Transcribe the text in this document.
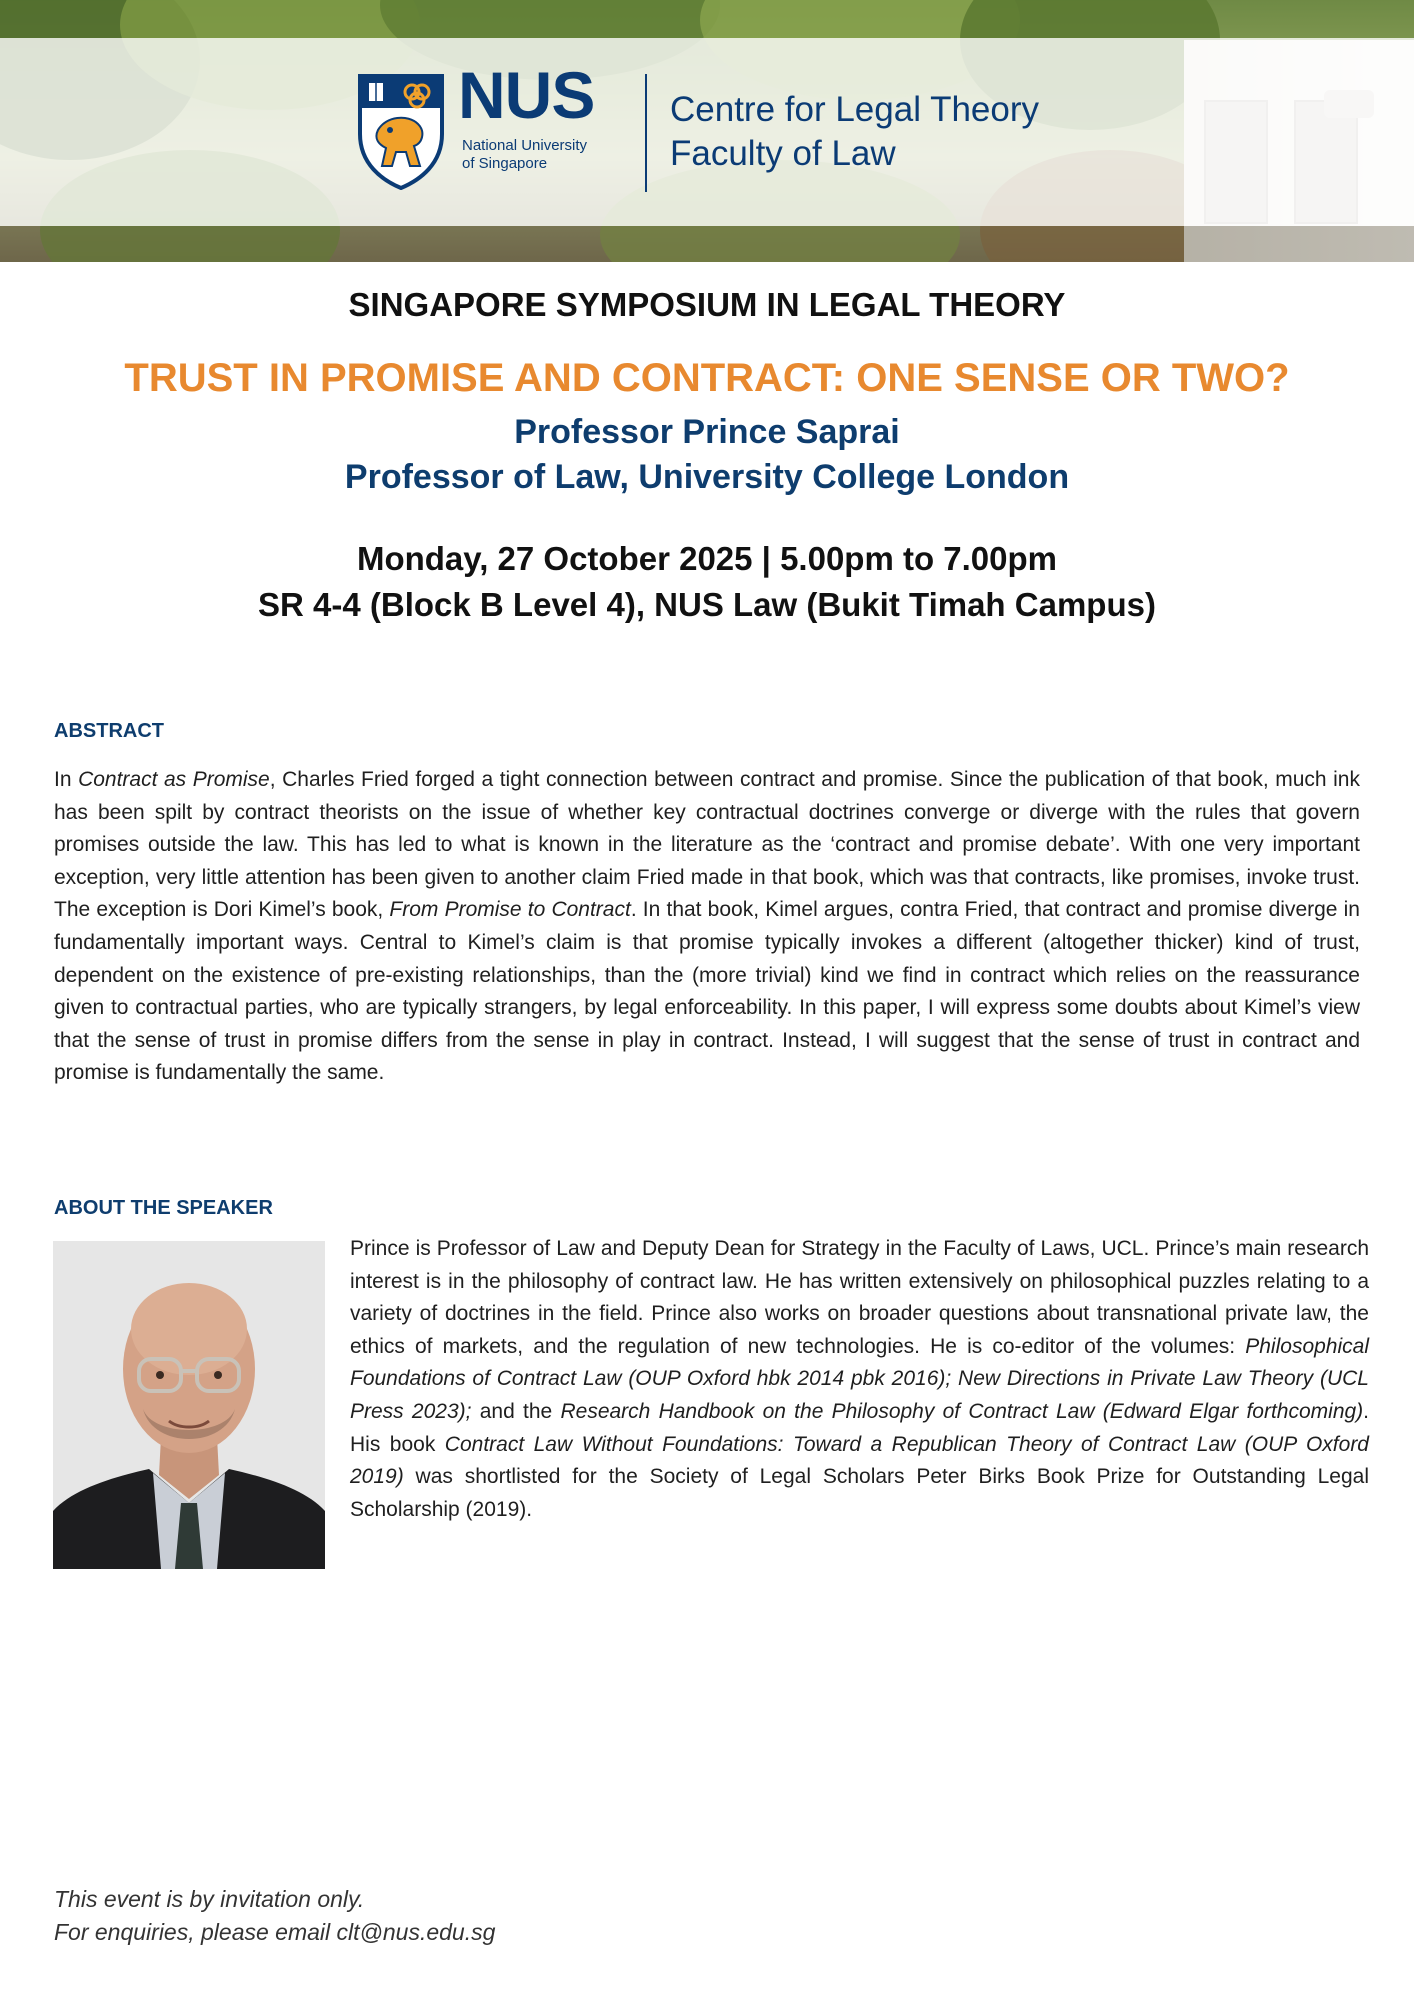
NUS
National University
of Singapore
Centre for Legal Theory
Faculty of Law
SINGAPORE SYMPOSIUM IN LEGAL THEORY
TRUST IN PROMISE AND CONTRACT: ONE SENSE OR TWO?
Professor Prince Saprai
Professor of Law, University College London
Monday, 27 October 2025 | 5.00pm to 7.00pm
SR 4-4 (Block B Level 4), NUS Law (Bukit Timah Campus)
ABSTRACT
In Contract as Promise, Charles Fried forged a tight connection between contract and promise. Since the publication of that book, much ink has been spilt by contract theorists on the issue of whether key contractual doctrines converge or diverge with the rules that govern promises outside the law. This has led to what is known in the literature as the ‘contract and promise debate’. With one very important exception, very little attention has been given to another claim Fried made in that book, which was that contracts, like promises, invoke trust. The exception is Dori Kimel’s book, From Promise to Contract. In that book, Kimel argues, contra Fried, that contract and promise diverge in fundamentally important ways. Central to Kimel’s claim is that promise typically invokes a different (altogether thicker) kind of trust, dependent on the existence of pre-existing relationships, than the (more trivial) kind we find in contract which relies on the reassurance given to contractual parties, who are typically strangers, by legal enforceability. In this paper, I will express some doubts about Kimel’s view that the sense of trust in promise differs from the sense in play in contract. Instead, I will suggest that the sense of trust in contract and promise is fundamentally the same.
ABOUT THE SPEAKER
Prince is Professor of Law and Deputy Dean for Strategy in the Faculty of Laws, UCL. Prince’s main research interest is in the philosophy of contract law. He has written extensively on philosophical puzzles relating to a variety of doctrines in the field. Prince also works on broader questions about transnational private law, the ethics of markets, and the regulation of new technologies. He is co-editor of the volumes: Philosophical Foundations of Contract Law (OUP Oxford hbk 2014 pbk 2016); New Directions in Private Law Theory (UCL Press 2023); and the Research Handbook on the Philosophy of Contract Law (Edward Elgar forthcoming). His book Contract Law Without Foundations: Toward a Republican Theory of Contract Law (OUP Oxford 2019) was shortlisted for the Society of Legal Scholars Peter Birks Book Prize for Outstanding Legal Scholarship (2019).
This event is by invitation only.
For enquiries, please email clt@nus.edu.sg
